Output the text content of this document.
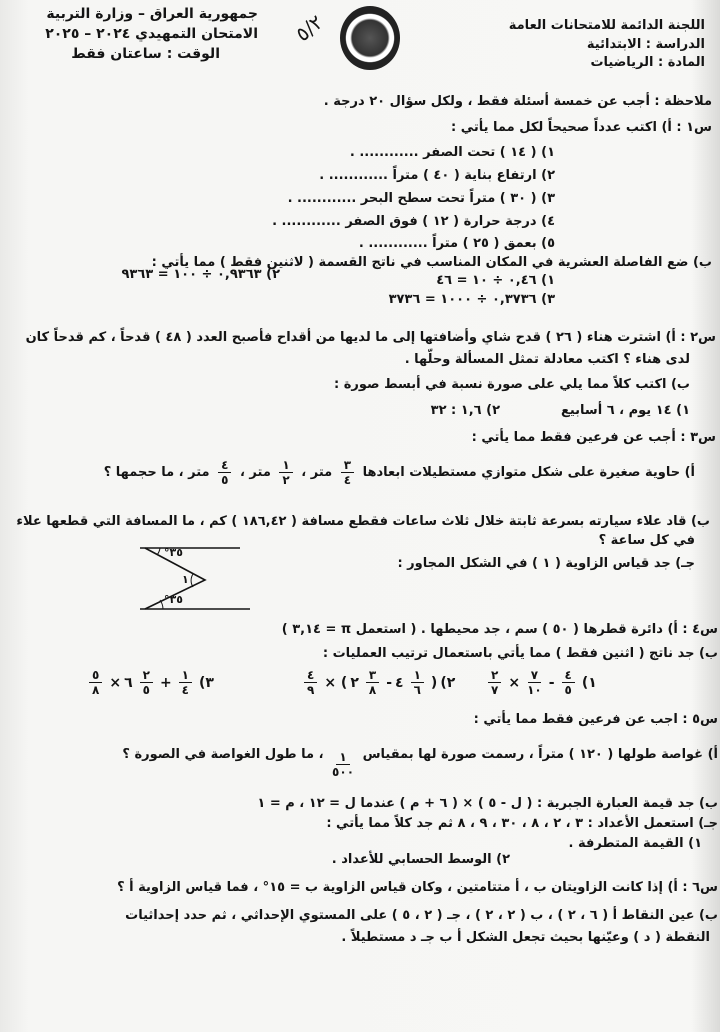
اللجنة الدائمة للامتحانات العامة
الدراسة : الابتدائية
المادة : الرياضيات
جمهورية العراق – وزارة التربية
الامتحان التمهيدي ٢٠٢٤ – ٢٠٢٥
الوقت : ساعتان فقط
٥/٢
ملاحظة : أجب عن خمسة أسئلة فقط ، ولكل سؤال ٢٠ درجة .
س١ : أ) اكتب عدداً صحيحاً لكل مما يأتي :
١) ( ١٤ ) تحت الصفر ............ .
٢) ارتفاع بناية ( ٤٠ ) متراً ............ .
٣) ( ٣٠ ) متراً تحت سطح البحر ............ .
٤) درجة حرارة ( ١٢ ) فوق الصفر ............ .
٥) بعمق ( ٢٥ ) متراً ............ .
ب) ضع الفاصلة العشرية في المكان المناسب في ناتج القسمة ( لاثنين فقط ) مما يأتي :
١) ٠,٤٦ ÷ ١٠ = ٤٦
٢) ٠,٩٣٦٣ ÷ ١٠٠ = ٩٣٦٣
٣) ٠,٣٧٣٦ ÷ ١٠٠٠ = ٣٧٣٦
س٢ : أ) اشترت هناء ( ٢٦ ) قدح شاي وأضافتها إلى ما لديها من أقداح فأصبح العدد ( ٤٨ ) قدحاً ، كم قدحاً كان
لدى هناء ؟ اكتب معادلة تمثل المسألة وحلّها .
ب) اكتب كلاً مما يلي على صورة نسبة في أبسط صورة :
١) ١٤ يوم ، ٦ أسابيع
٢) ١,٦ : ٣٢
س٣ : أجب عن فرعين فقط مما يأتي :
أ) حاوية صغيرة على شكل متوازي مستطيلات ابعادها
$\frac{٣}{٤}$
متر ،
$\frac{١}{٢}$
متر ،
$\frac{٤}{٥}$
متر ، ما حجمها ؟
ب) قاد علاء سيارته بسرعة ثابتة خلال ثلاث ساعات فقطع مسافة ( ١٨٦,٤٢ ) كم ، ما المسافة التي قطعها علاء
في كل ساعة ؟
جـ) جد قياس الزاوية ( ١ ) في الشكل المجاور :
٣٥°
١
٣٥°
س٤ : أ) دائرة قطرها ( ٥٠ ) سم ، جد محيطها . ( استعمل π = ٣,١٤ )
ب) جد ناتج ( اثنين فقط ) مما يأتي باستعمال ترتيب العمليات :
$\frac{٢}{٧} \times \frac{٧}{١٠} - \frac{٤}{٥}$ (١
$\frac{٤}{٩}$ × ( ٢ $\frac{٣}{٨}$ - ٤ $\frac{١}{٦}$ ) (٢
$\frac{٥}{٨}$ × ٦ $\frac{٢}{٥} + \frac{١}{٤}$ (٣
س٥ : اجب عن فرعين فقط مما يأتي :
أ) غواصة طولها ( ١٢٠ ) متراً ، رسمت صورة لها بمقياس
$\frac{١}{٥٠٠}$
، ما طول الغواصة في الصورة ؟
ب) جد قيمة العبارة الجبرية : ( ل - ٥ ) × ( ٦ + م ) عندما ل = ١٢ ، م = ١
جـ) استعمل الأعداد : ٣ ، ٢ ، ٨ ، ٣٠ ، ٩ ، ٨ ثم جد كلاً مما يأتي :
١) القيمة المتطرفة .
٢) الوسط الحسابي للأعداد .
س٦ : أ) إذا كانت الزاويتان ب ، أ متتامتين ، وكان قياس الزاوية ب = ١٥° ، فما قياس الزاوية أ ؟
ب) عين النقاط أ ( ٦ ، ٢ ) ، ب ( ٢ ، ٢ ) ، جـ ( ٢ ، ٥ ) على المستوي الإحداثي ، ثم حدد إحداثيات
النقطة ( د ) وعيّنها بحيث تجعل الشكل أ ب جـ د مستطيلاً .
